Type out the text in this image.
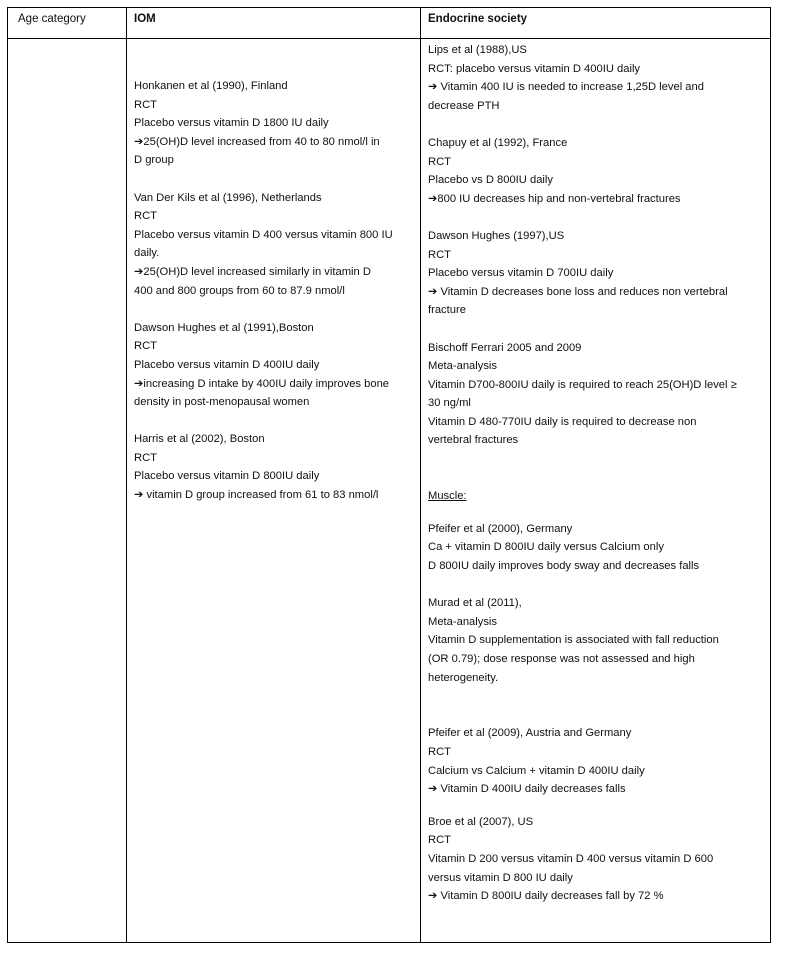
Age category	IOM	Endocrine society

Honkanen et al (1990), Finland

RCT

Placebo versus vitamin D 1800 IU daily

➔25(OH)D level increased from 40 to 80 nmol/l in

D group

Van Der Kils et al (1996), Netherlands

RCT

Placebo versus vitamin D 400 versus vitamin 800 IU

daily.

➔25(OH)D level increased similarly in vitamin D

400 and 800 groups from 60 to 87.9 nmol/l

Dawson Hughes et al (1991),Boston

RCT

Placebo versus vitamin D 400IU daily

➔increasing D intake by 400IU daily improves bone

density in post-menopausal women

Harris et al (2002), Boston

RCT

Placebo versus vitamin D 800IU daily

➔ vitamin D group increased from 61 to 83 nmol/l

Lips et al (1988),US

RCT: placebo versus vitamin D 400IU daily

➔ Vitamin 400 IU is needed to increase 1,25D level and

decrease PTH

Chapuy et al (1992), France

RCT

Placebo vs D 800IU daily

➔800 IU decreases hip and non-vertebral fractures

Dawson Hughes (1997),US

RCT

Placebo versus vitamin D 700IU daily

➔ Vitamin D decreases bone loss and reduces non vertebral

fracture

Bischoff Ferrari 2005 and 2009

Meta-analysis

Vitamin D700-800IU daily is required to reach 25(OH)D level ≥

30 ng/ml

Vitamin D 480-770IU daily is required to decrease non

vertebral fractures

Muscle:

Pfeifer et al (2000), Germany

Ca + vitamin D 800IU daily versus Calcium only

D 800IU daily improves body sway and decreases falls

Murad et al (2011),

Meta-analysis

Vitamin D supplementation is associated with fall reduction

(OR 0.79); dose response was not assessed and high

heterogeneity.

Pfeifer et al (2009), Austria and Germany

RCT

Calcium vs Calcium + vitamin D 400IU daily

➔ Vitamin D 400IU daily decreases falls

Broe et al (2007), US

RCT

Vitamin D 200 versus vitamin D 400 versus vitamin D 600

versus vitamin D 800 IU daily

➔ Vitamin D 800IU daily decreases fall by 72 %
